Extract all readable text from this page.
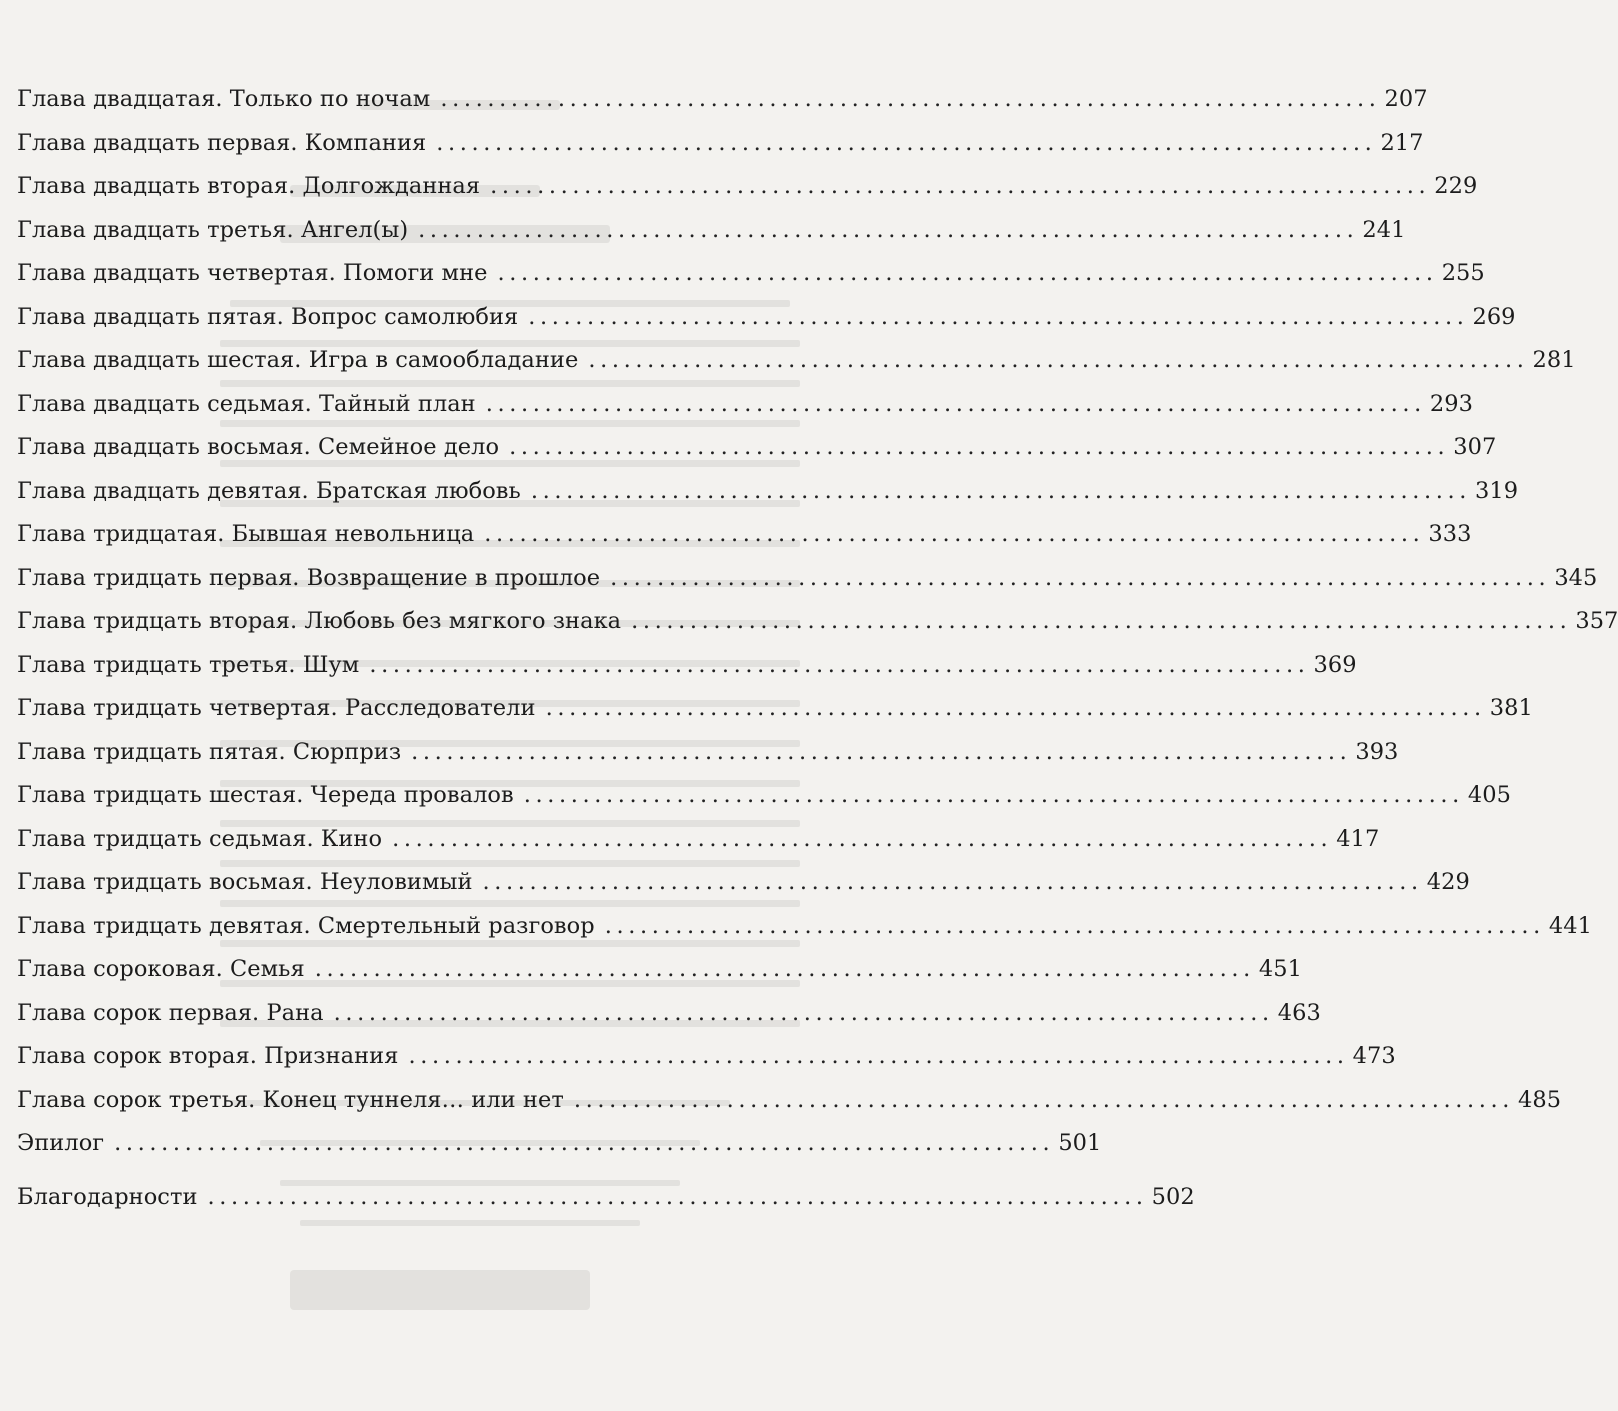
Глава двадцатая. Только по ночам ................................................................................ 207
Глава двадцать первая. Компания ................................................................................ 217
Глава двадцать вторая. Долгожданная ................................................................................ 229
Глава двадцать третья. Ангел(ы) ................................................................................ 241
Глава двадцать четвертая. Помоги мне ................................................................................ 255
Глава двадцать пятая. Вопрос самолюбия ................................................................................ 269
Глава двадцать шестая. Игра в самообладание ................................................................................ 281
Глава двадцать седьмая. Тайный план ................................................................................ 293
Глава двадцать восьмая. Семейное дело ................................................................................ 307
Глава двадцать девятая. Братская любовь ................................................................................ 319
Глава тридцатая. Бывшая невольница ................................................................................ 333
Глава тридцать первая. Возвращение в прошлое ................................................................................ 345
Глава тридцать вторая. Любовь без мягкого знака ................................................................................ 357
Глава тридцать третья. Шум ................................................................................ 369
Глава тридцать четвертая. Расследователи ................................................................................ 381
Глава тридцать пятая. Сюрприз ................................................................................ 393
Глава тридцать шестая. Череда провалов ................................................................................ 405
Глава тридцать седьмая. Кино ................................................................................ 417
Глава тридцать восьмая. Неуловимый ................................................................................ 429
Глава тридцать девятая. Смертельный разговор ................................................................................ 441
Глава сороковая. Семья ................................................................................ 451
Глава сорок первая. Рана ................................................................................ 463
Глава сорок вторая. Признания ................................................................................ 473
Глава сорок третья. Конец туннеля… или нет ................................................................................ 485
Эпилог ................................................................................ 501
Благодарности ................................................................................ 502
